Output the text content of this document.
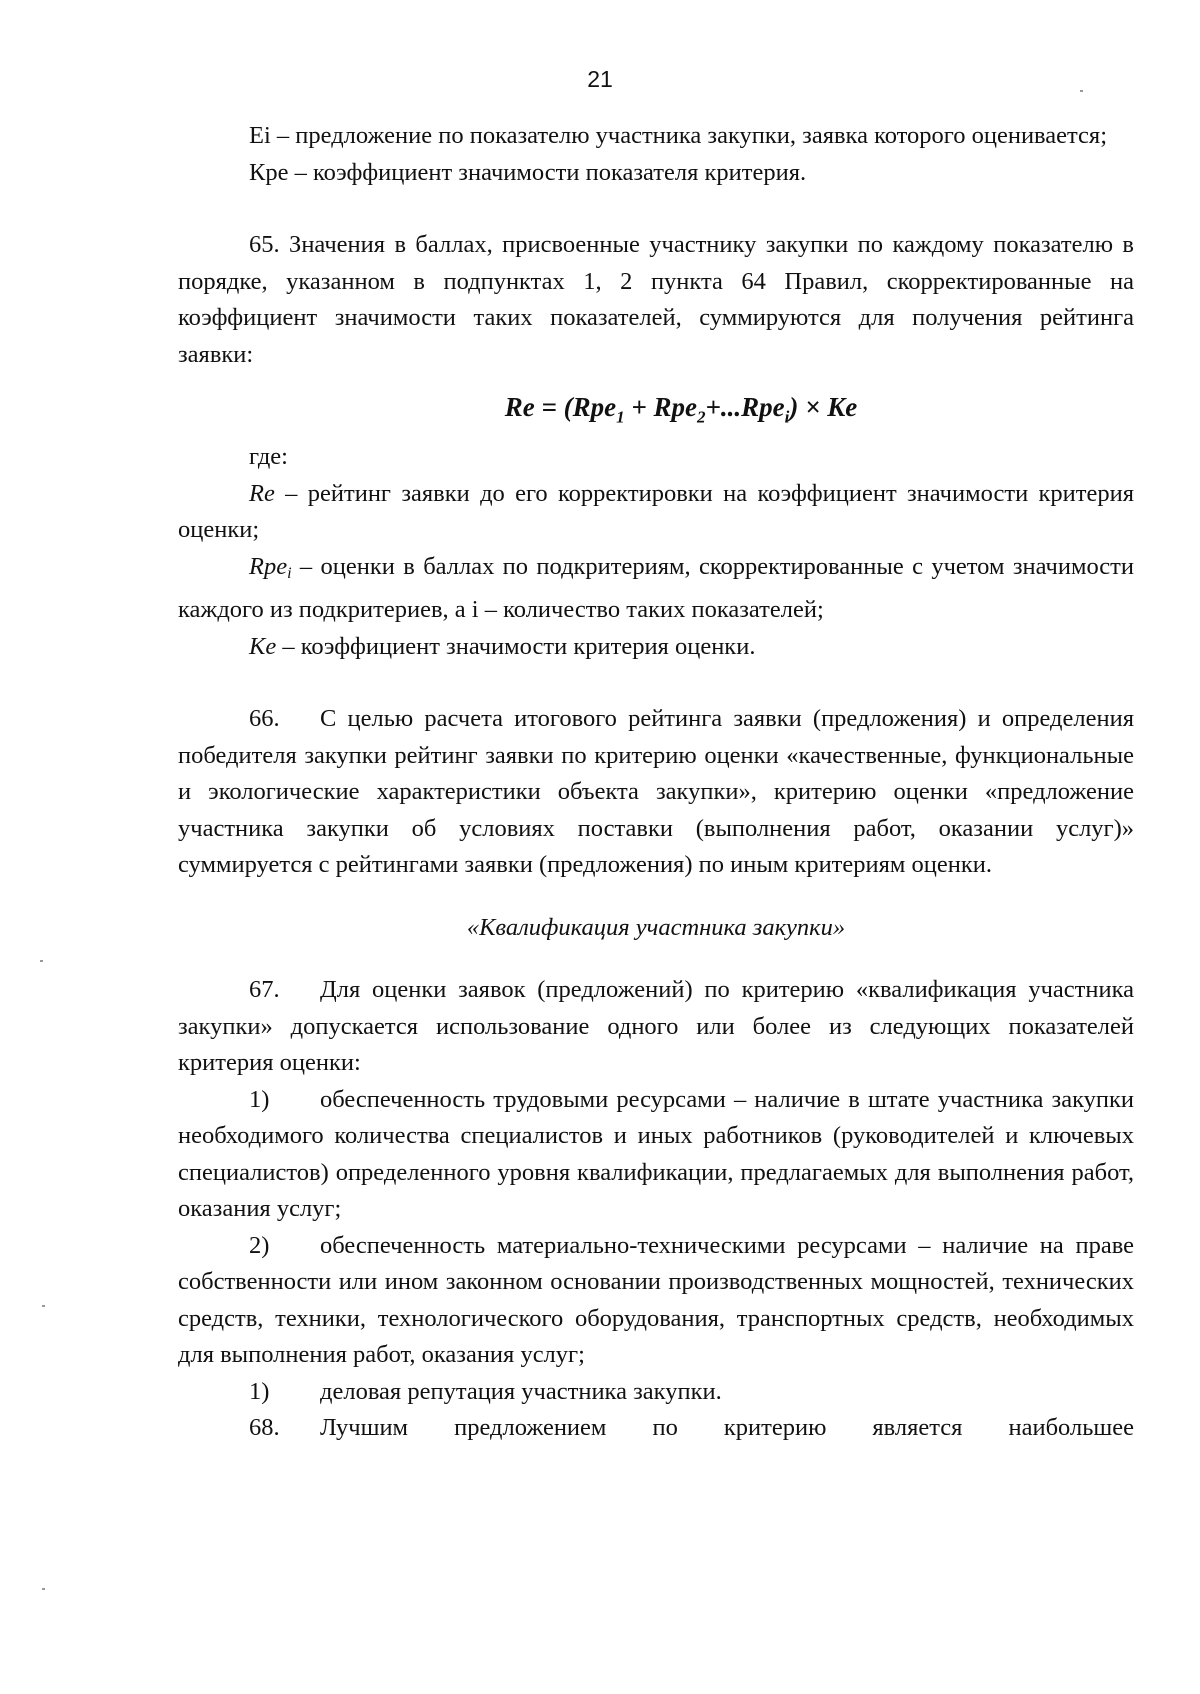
21

Ei – предложение по показателю участника закупки, заявка которого оценивается;

Кре – коэффициент значимости показателя критерия.

65. Значения в баллах, присвоенные участнику закупки по каждому показателю в порядке, указанном в подпунктах 1, 2 пункта 64 Правил, скорректированные на коэффициент значимости таких показателей, суммируются для получения рейтинга заявки:

Re = (Rpe$_1$ + Rpe$_2$+...Rpe$_i$) × Ke

где:

Re – рейтинг заявки до его корректировки на коэффициент значимости критерия оценки;

Rpe$_i$ – оценки в баллах по подкритериям, скорректированные с учетом значимости каждого из подкритериев, а i – количество таких показателей;

Ke – коэффициент значимости критерия оценки.

66. С целью расчета итогового рейтинга заявки (предложения) и определения победителя закупки рейтинг заявки по критерию оценки «качественные, функциональные и экологические характеристики объекта закупки», критерию оценки «предложение участника закупки об условиях поставки (выполнения работ, оказании услуг)» суммируется с рейтингами заявки (предложения) по иным критериям оценки.

«Квалификация участника закупки»

67. Для оценки заявок (предложений) по критерию «квалификация участника закупки» допускается использование одного или более из следующих показателей критерия оценки:

1) обеспеченность трудовыми ресурсами – наличие в штате участника закупки необходимого количества специалистов и иных работников (руководителей и ключевых специалистов) определенного уровня квалификации, предлагаемых для выполнения работ, оказания услуг;

2) обеспеченность материально-техническими ресурсами – наличие на праве собственности или ином законном основании производственных мощностей, технических средств, техники, технологического оборудования, транспортных средств, необходимых для выполнения работ, оказания услуг;

1) деловая репутация участника закупки.

68. Лучшим предложением по критерию является наибольшее
